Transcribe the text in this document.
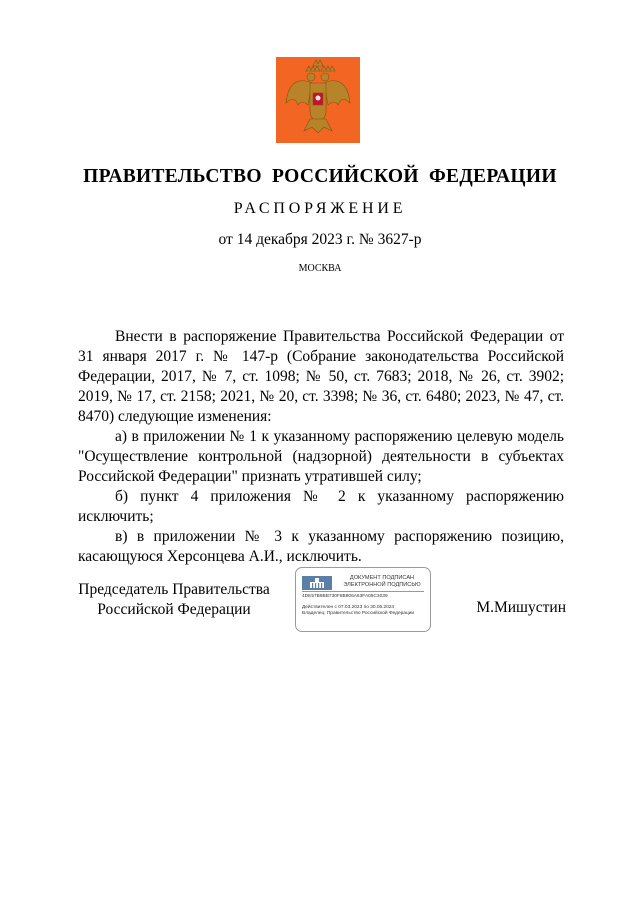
ПРАВИТЕЛЬСТВО РОССИЙСКОЙ ФЕДЕРАЦИИ
РАСПОРЯЖЕНИЕ
от 14 декабря 2023 г. № 3627-р
МОСКВА

Внести в распоряжение Правительства Российской Федерации от 31 января 2017 г. № 147-р (Собрание законодательства Российской Федерации, 2017, № 7, ст. 1098; № 50, ст. 7683; 2018, № 26, ст. 3902; 2019, № 17, ст. 2158; 2021, № 20, ст. 3398; № 36, ст. 6480; 2023, № 47, ст. 8470) следующие изменения:

а) в приложении № 1 к указанному распоряжению целевую модель "Осуществление контрольной (надзорной) деятельности в субъектах Российской Федерации" признать утратившей силу;

б) пункт 4 приложения № 2 к указанному распоряжению исключить;

в) в приложении № 3 к указанному распоряжению позицию, касающуюся Херсонцева А.И., исключить.

Председатель Правительства
Российской Федерации
ДОКУМЕНТ ПОДПИСАН
ЭЛЕКТРОННОЙ ПОДПИСЬЮ
4DE57B8BB730F8B806A63FA09C3039
Действителен с 07.03.2023 по 30.05.2024
Владелец: Правительство Российской Федерации	М.Мишустин
